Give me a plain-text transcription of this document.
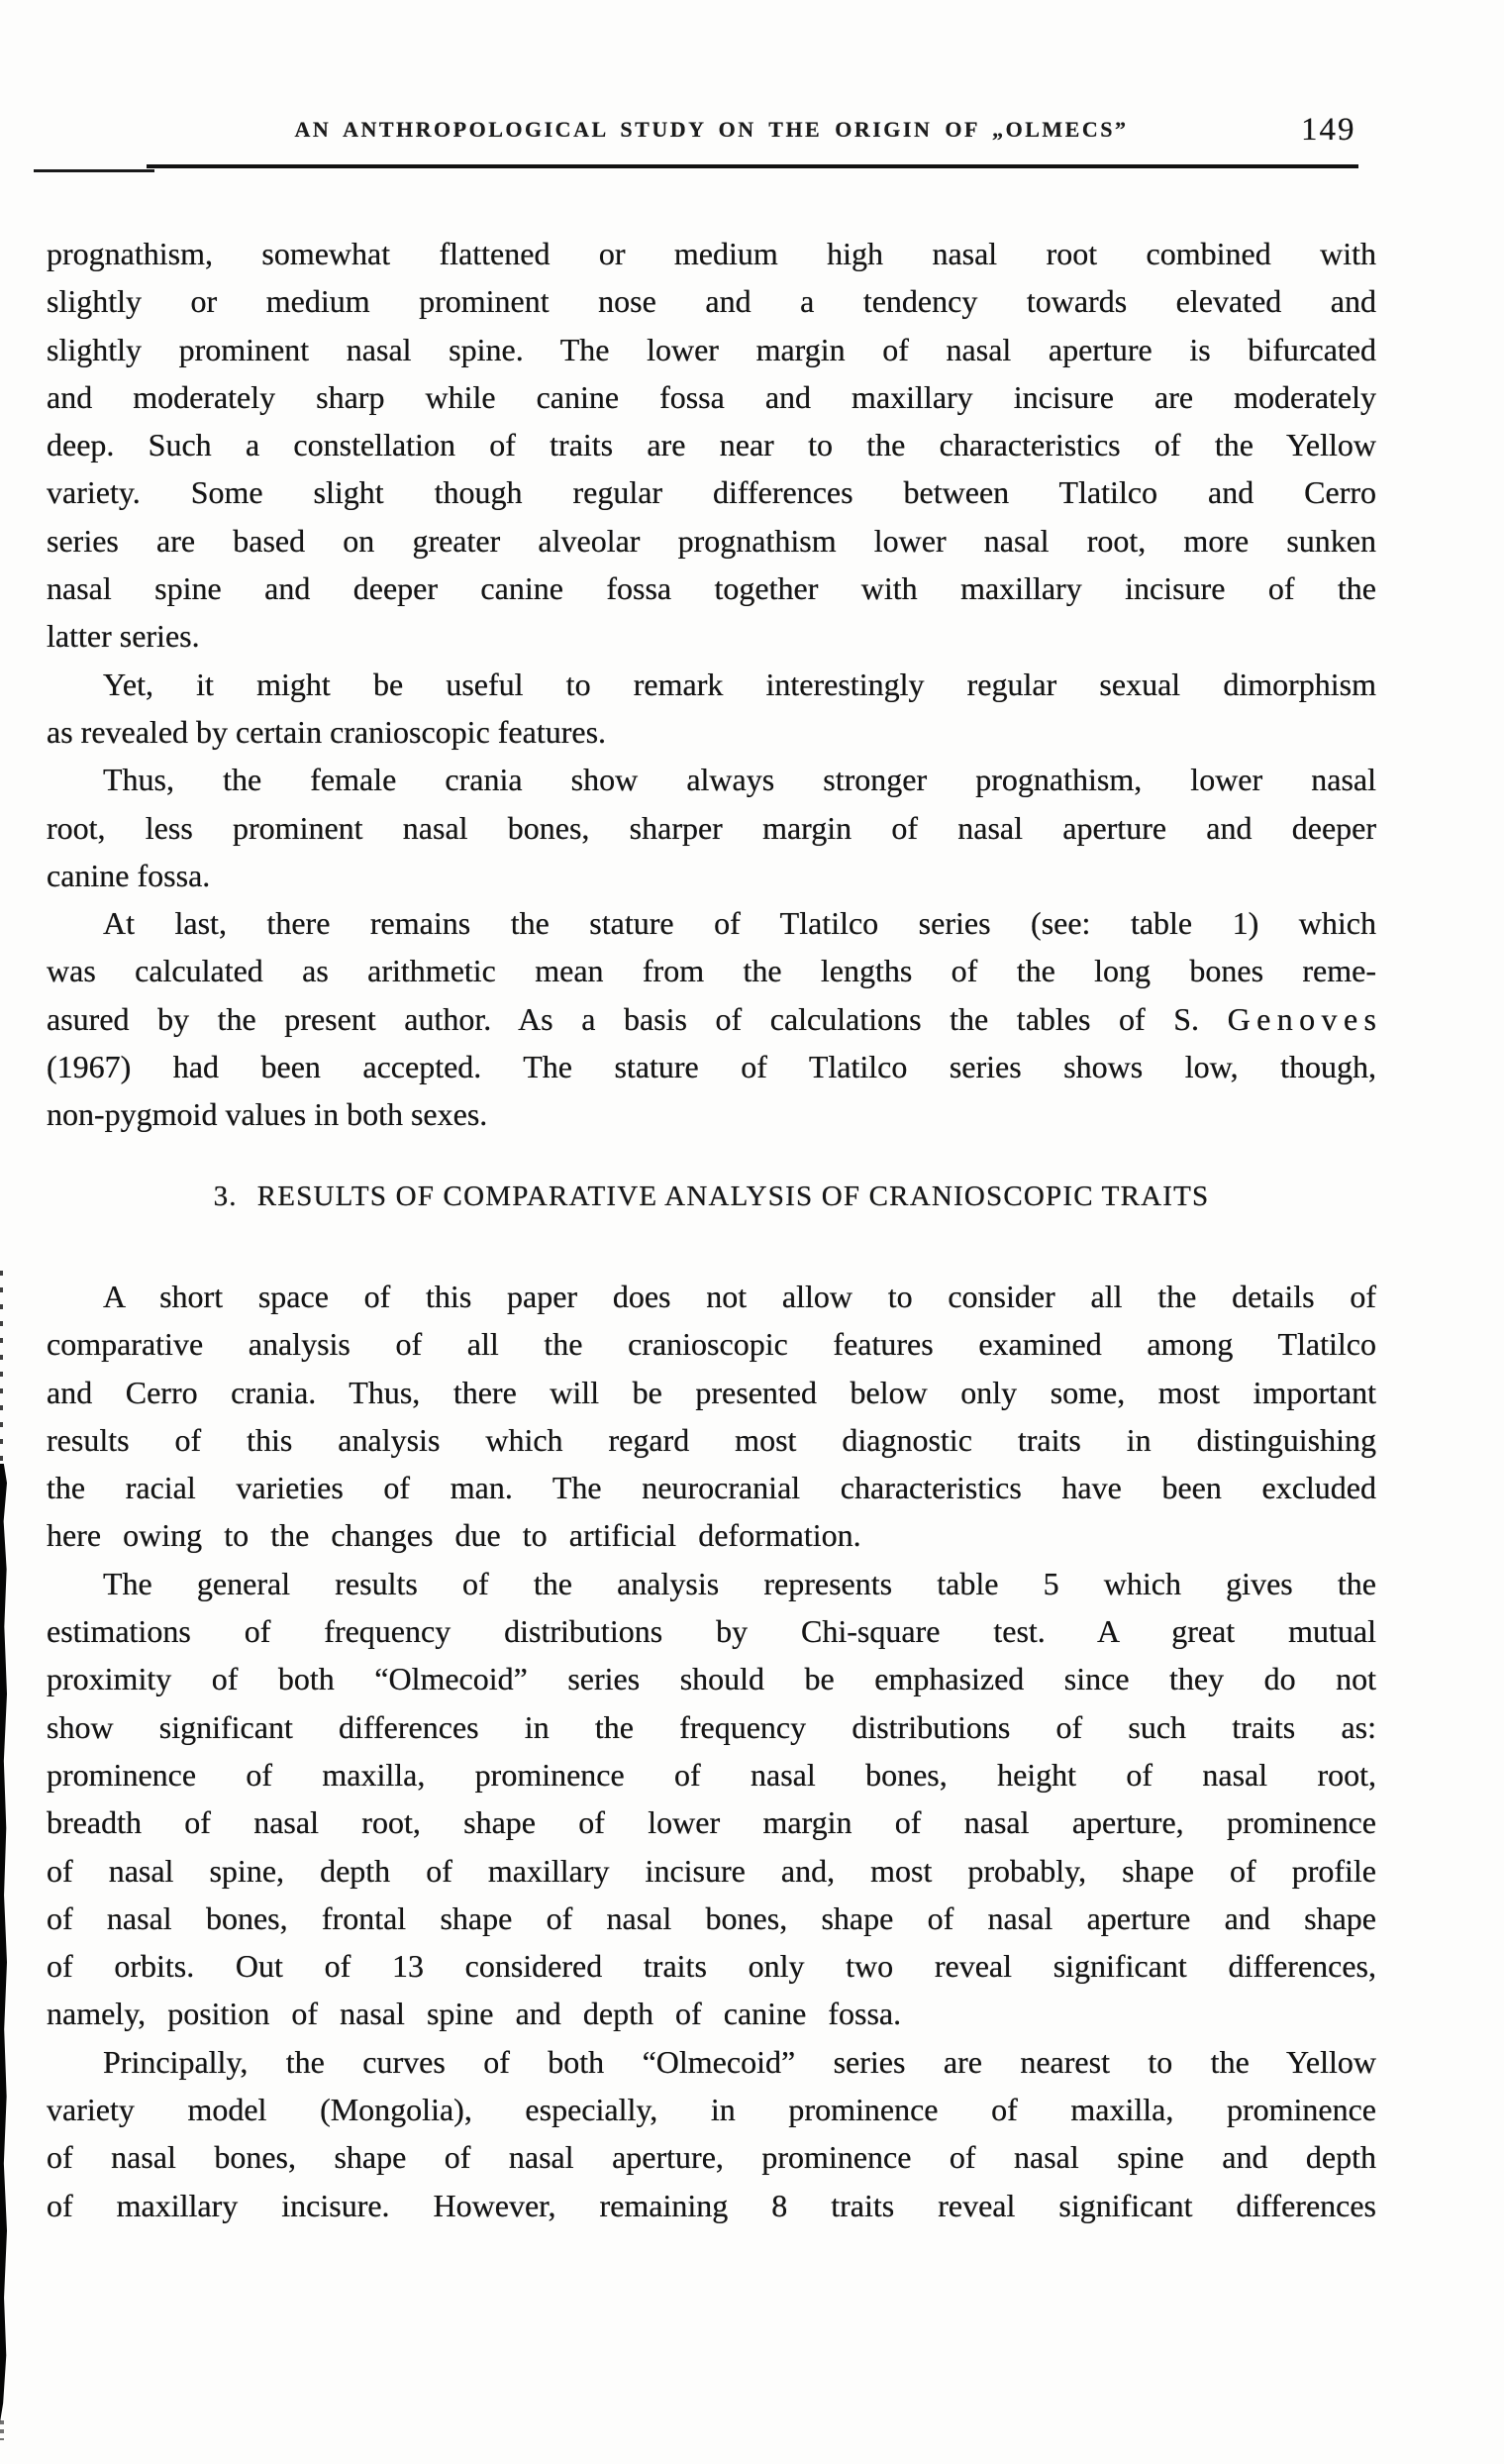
AN ANTHROPOLOGICAL STUDY ON THE ORIGIN OF „OLMECS”	149
prognathism, somewhat flattened or medium high nasal root combined with
slightly or medium prominent nose and a tendency towards elevated and
slightly prominent nasal spine. The lower margin of nasal aperture is bifurcated
and moderately sharp while canine fossa and maxillary incisure are moderately
deep. Such a constellation of traits are near to the characteristics of the Yellow
variety. Some slight though regular differences between Tlatilco and Cerro
series are based on greater alveolar prognathism lower nasal root, more sunken
nasal spine and deeper canine fossa together with maxillary incisure of the
latter series.
Yet, it might be useful to remark interestingly regular sexual dimorphism
as revealed by certain cranioscopic features.
Thus, the female crania show always stronger prognathism, lower nasal
root, less prominent nasal bones, sharper margin of nasal aperture and deeper
canine fossa.
At last, there remains the stature of Tlatilco series (see: table 1) which
was calculated as arithmetic mean from the lengths of the long bones reme-
asured by the present author. As a basis of calculations the tables of S. G e n o v e s
(1967) had been accepted. The stature of Tlatilco series shows low, though,
non-pygmoid values in both sexes.
3. RESULTS OF COMPARATIVE ANALYSIS OF CRANIOSCOPIC TRAITS
A short space of this paper does not allow to consider all the details of
comparative analysis of all the cranioscopic features examined among Tlatilco
and Cerro crania. Thus, there will be presented below only some, most important
results of this analysis which regard most diagnostic traits in distinguishing
the racial varieties of man. The neurocranial characteristics have been excluded
here owing to the changes due to artificial deformation.
The general results of the analysis represents table 5 which gives the
estimations of frequency distributions by Chi-square test. A great mutual
proximity of both “Olmecoid” series should be emphasized since they do not
show significant differences in the frequency distributions of such traits as:
prominence of maxilla, prominence of nasal bones, height of nasal root,
breadth of nasal root, shape of lower margin of nasal aperture, prominence
of nasal spine, depth of maxillary incisure and, most probably, shape of profile
of nasal bones, frontal shape of nasal bones, shape of nasal aperture and shape
of orbits. Out of 13 considered traits only two reveal significant differences,
namely, position of nasal spine and depth of canine fossa.
Principally, the curves of both “Olmecoid” series are nearest to the Yellow
variety model (Mongolia), especially, in prominence of maxilla, prominence
of nasal bones, shape of nasal aperture, prominence of nasal spine and depth
of maxillary incisure. However, remaining 8 traits reveal significant differences
